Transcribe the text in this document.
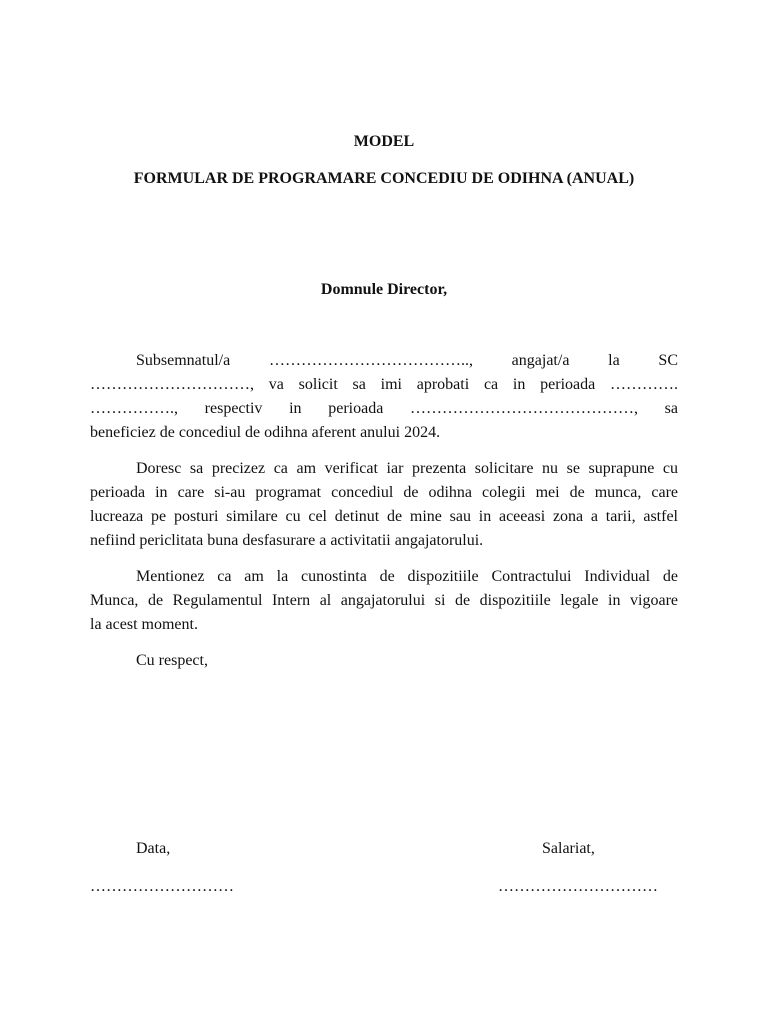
MODEL
FORMULAR DE PROGRAMARE CONCEDIU DE ODIHNA (ANUAL)
Domnule Director,
Subsemnatul/a ……………………………….., angajat/a la SC
…………………………, va solicit sa imi aprobati ca in perioada ………….
……………., respectiv in perioada ……………………………………, sa
beneficiez de concediul de odihna aferent anului 2024.
Doresc sa precizez ca am verificat iar prezenta solicitare nu se suprapune cu
perioada in care si-au programat concediul de odihna colegii mei de munca, care
lucreaza pe posturi similare cu cel detinut de mine sau in aceeasi zona a tarii, astfel
nefiind periclitata buna desfasurare a activitatii angajatorului.
Mentionez ca am la cunostinta de dispozitiile Contractului Individual de
Munca, de Regulamentul Intern al angajatorului si de dispozitiile legale in vigoare
la acest moment.
Cu respect,
Data,
………………………
Salariat,
…………………………
